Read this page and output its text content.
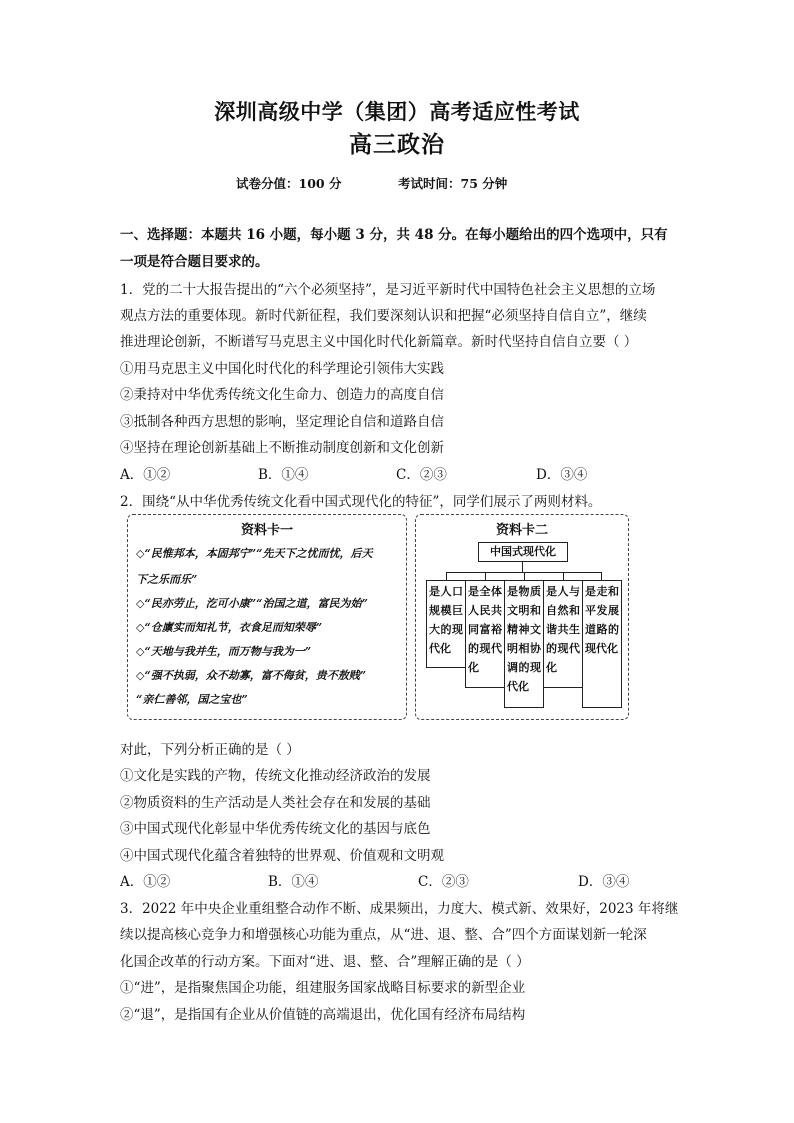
深圳高级中学（集团）高考适应性考试
高三政治
试卷分值：100 分	考试时间：75 分钟
一、选择题：本题共 16 小题，每小题 3 分，共 48 分。在每小题给出的四个选项中，只有
一项是符合题目要求的。
1．党的二十大报告提出的“六个必须坚持”，是习近平新时代中国特色社会主义思想的立场
观点方法的重要体现。新时代新征程，我们要深刻认识和把握“必须坚持自信自立”，继续
推进理论创新，不断谱写马克思主义中国化时代化新篇章。新时代坚持自信自立要（ ）
①用马克思主义中国化时代化的科学理论引领伟大实践
②秉持对中华优秀传统文化生命力、创造力的高度自信
③抵制各种西方思想的影响，坚定理论自信和道路自信
④坚持在理论创新基础上不断推动制度创新和文化创新
A．①②	B．①④	C．②③	D．③④
2．围绕“从中华优秀传统文化看中国式现代化的特征”，同学们展示了两则材料。
资料卡一
◇“民惟邦本，本固邦宁”“先天下之忧而忧，后天
下之乐而乐”
◇“民亦劳止，汔可小康”“治国之道，富民为始”
◇“仓廪实而知礼节，衣食足而知荣辱”
◇“天地与我并生，而万物与我为一”
◇“强不执弱，众不劫寡，富不侮贫，贵不敖贱”
“亲仁善邻，国之宝也”
资料卡二
中国式现代化
是人口规模巨大的现代化
是全体人民共同富裕的现代化
是物质文明和精神文明相协调的现代化
是人与自然和谐共生的现代化
是走和平发展道路的现代化
对此，下列分析正确的是（ ）
①文化是实践的产物，传统文化推动经济政治的发展
②物质资料的生产活动是人类社会存在和发展的基础
③中国式现代化彰显中华优秀传统文化的基因与底色
④中国式现代化蕴含着独特的世界观、价值观和文明观
A．①②	B．①④	C．②③	D．③④
3．2022 年中央企业重组整合动作不断、成果频出，力度大、模式新、效果好，2023 年将继
续以提高核心竞争力和增强核心功能为重点，从“进、退、整、合”四个方面谋划新一轮深
化国企改革的行动方案。下面对“进、退、整、合”理解正确的是（ ）
①“进”，是指聚焦国企功能，组建服务国家战略目标要求的新型企业
②“退”，是指国有企业从价值链的高端退出，优化国有经济布局结构
